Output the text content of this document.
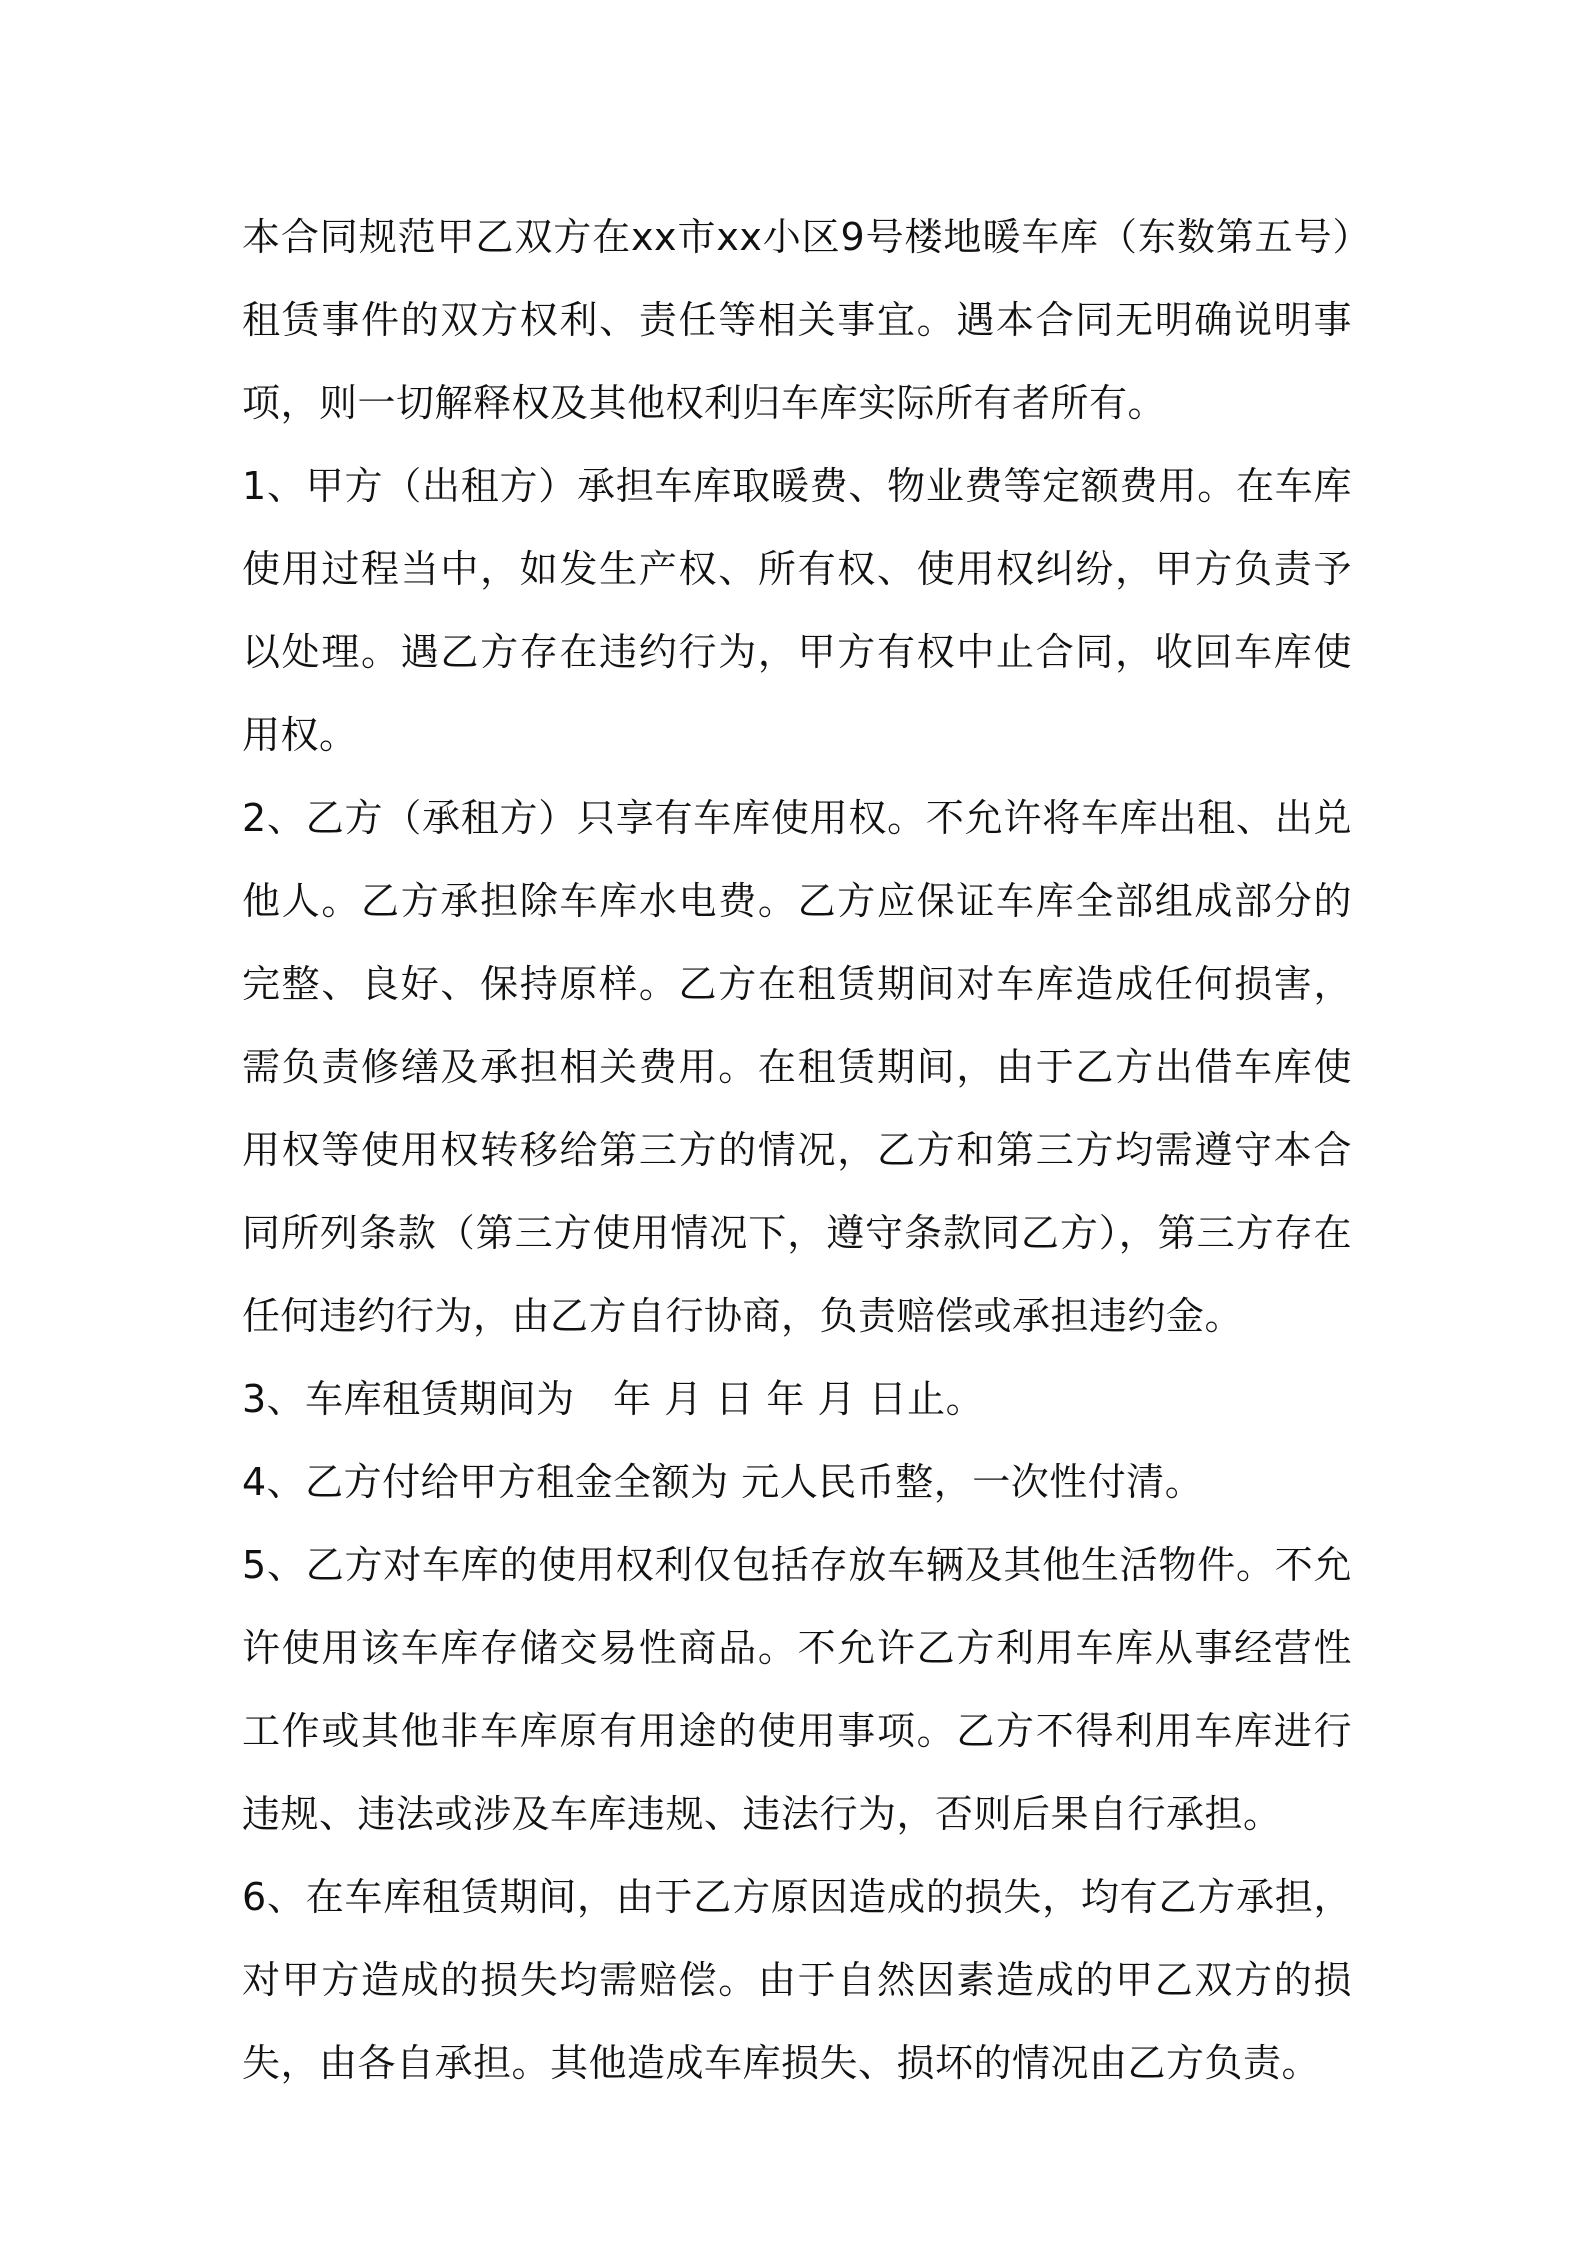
本合同规范甲乙双方在xx市xx小区9号楼地暖车库（东数第五号）租赁事件的双方权利、责任等相关事宜。遇本合同无明确说明事项，则一切解释权及其他权利归车库实际所有者所有。

1、甲方（出租方）承担车库取暖费、物业费等定额费用。在车库使用过程当中，如发生产权、所有权、使用权纠纷，甲方负责予以处理。遇乙方存在违约行为，甲方有权中止合同，收回车库使用权。

2、乙方（承租方）只享有车库使用权。不允许将车库出租、出兑他人。乙方承担除车库水电费。乙方应保证车库全部组成部分的完整、良好、保持原样。乙方在租赁期间对车库造成任何损害，需负责修缮及承担相关费用。在租赁期间，由于乙方出借车库使用权等使用权转移给第三方的情况，乙方和第三方均需遵守本合同所列条款（第三方使用情况下，遵守条款同乙方），第三方存在任何违约行为，由乙方自行协商，负责赔偿或承担违约金。

3、车库租赁期间为　年 月 日 年 月 日止。

4、乙方付给甲方租金全额为 元人民币整，一次性付清。

5、乙方对车库的使用权利仅包括存放车辆及其他生活物件。不允许使用该车库存储交易性商品。不允许乙方利用车库从事经营性工作或其他非车库原有用途的使用事项。乙方不得利用车库进行违规、违法或涉及车库违规、违法行为，否则后果自行承担。

6、在车库租赁期间，由于乙方原因造成的损失，均有乙方承担，对甲方造成的损失均需赔偿。由于自然因素造成的甲乙双方的损失，由各自承担。其他造成车库损失、损坏的情况由乙方负责。
